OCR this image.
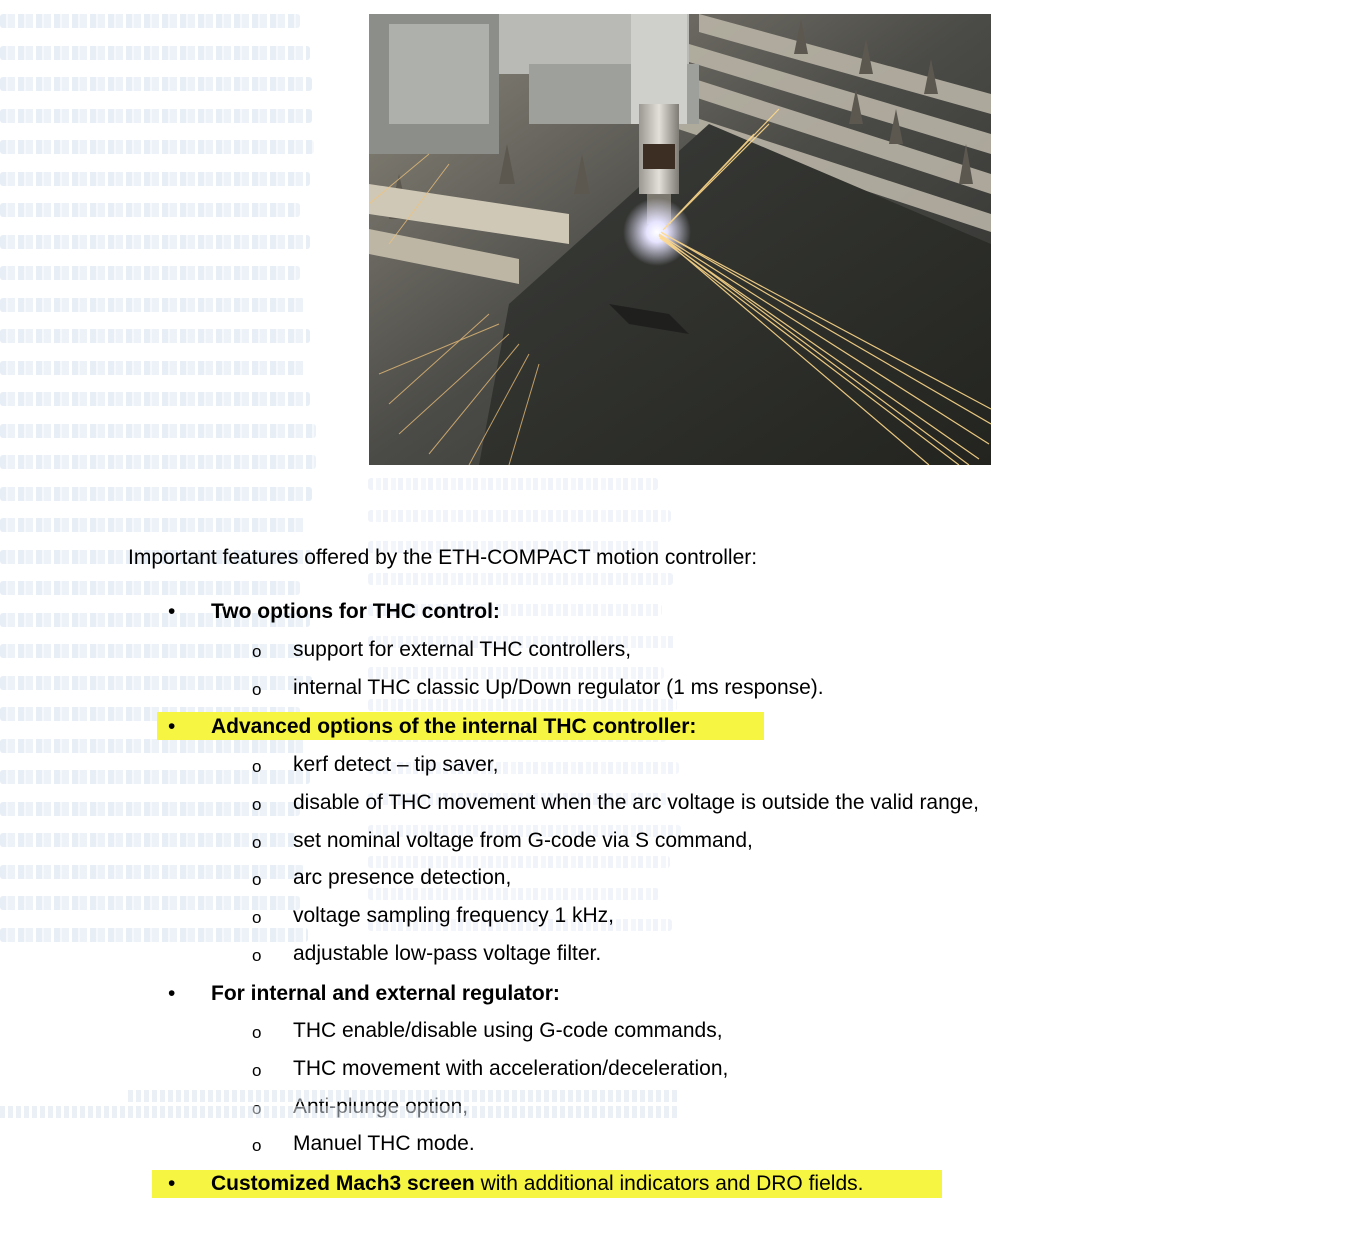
Important features offered by the ETH-COMPACT motion controller:
• Two options for THC control:
o support for external THC controllers,
o internal THC classic Up/Down regulator (1 ms response).
• Advanced options of the internal THC controller:
o kerf detect – tip saver,
o disable of THC movement when the arc voltage is outside the valid range,
o set nominal voltage from G-code via S command,
o arc presence detection,
o voltage sampling frequency 1 kHz,
o adjustable low-pass voltage filter.
• For internal and external regulator:
o THC enable/disable using G-code commands,
o THC movement with acceleration/deceleration,
o Manuel THC mode.
• Customized Mach3 screen with additional indicators and DRO fields.
